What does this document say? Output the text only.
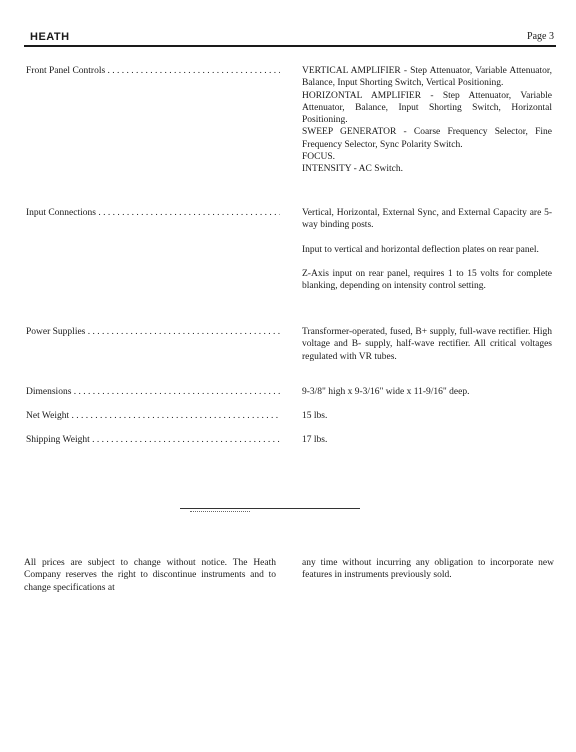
HEATH	Page 3
Front Panel Controls . . .	VERTICAL AMPLIFIER - Step Attenuator, Variable Attenuator, Balance, Input Shorting Switch, Vertical Positioning.

HORIZONTAL AMPLIFIER - Step Attenuator, Variable Attenuator, Balance, Input Shorting Switch, Horizontal Positioning.

SWEEP GENERATOR - Coarse Frequency Selector, Fine Frequency Selector, Sync Polarity Switch.

FOCUS.

INTENSITY - AC Switch.

Input Connections . . .	Vertical, Horizontal, External Sync, and External Capacity are 5-way binding posts.

Input to vertical and horizontal deflection plates on rear panel.

Z-Axis input on rear panel, requires 1 to 15 volts for complete blanking, depending on intensity control setting.

Power Supplies . . .	Transformer-operated, fused, B+ supply, full-wave rectifier. High voltage and B- supply, half-wave rectifier. All critical voltages regulated with VR tubes.

Dimensions . . .	9-3/8" high x 9-3/16" wide x 11-9/16" deep.

Net Weight . . .	15 lbs.

Shipping Weight . . .	17 lbs.

All prices are subject to change without notice. The Heath Company reserves the right to discontinue instruments and to change specifications at
any time without incurring any obligation to incorporate new features in instruments previously sold.
